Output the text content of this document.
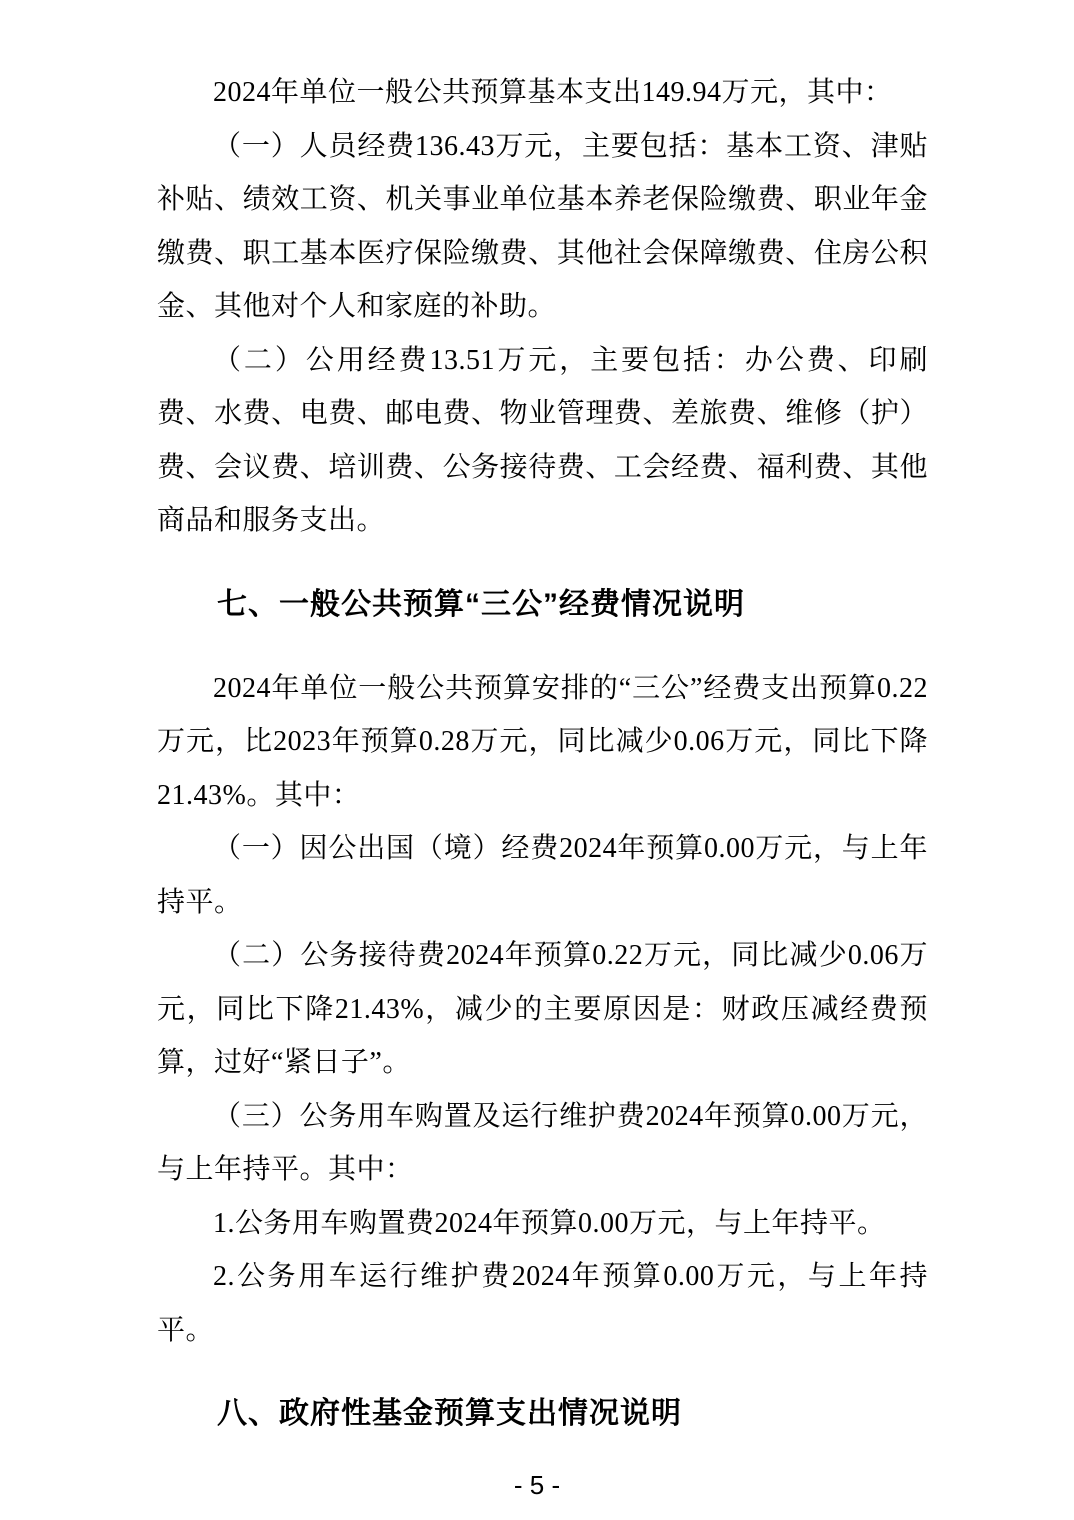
2024年单位一般公共预算基本支出149.94万元，其中：

（一）人员经费136.43万元，主要包括：基本工资、津贴补贴、绩效工资、机关事业单位基本养老保险缴费、职业年金缴费、职工基本医疗保险缴费、其他社会保障缴费、住房公积金、其他对个人和家庭的补助。

（二）公用经费13.51万元，主要包括：办公费、印刷费、水费、电费、邮电费、物业管理费、差旅费、维修（护）费、会议费、培训费、公务接待费、工会经费、福利费、其他商品和服务支出。

七、一般公共预算“三公”经费情况说明

2024年单位一般公共预算安排的“三公”经费支出预算0.22万元，比2023年预算0.28万元，同比减少0.06万元，同比下降21.43%。其中：

（一）因公出国（境）经费2024年预算0.00万元，与上年持平。

（二）公务接待费2024年预算0.22万元，同比减少0.06万元，同比下降21.43%，减少的主要原因是：财政压减经费预算，过好“紧日子”。

（三）公务用车购置及运行维护费2024年预算0.00万元，与上年持平。其中：

1.公务用车购置费2024年预算0.00万元，与上年持平。

2.公务用车运行维护费2024年预算0.00万元，与上年持平。

八、政府性基金预算支出情况说明
- 5 -
